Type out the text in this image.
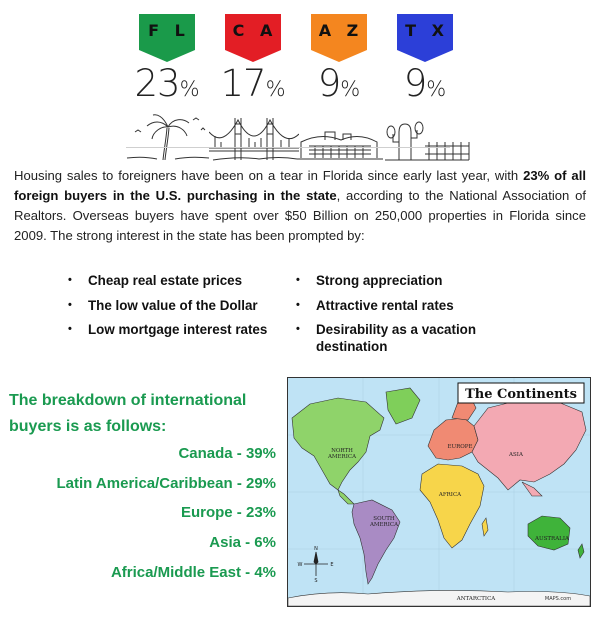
F L
23%
C A
17%
A Z
9%
T X
9%

Housing sales to foreigners have been on a tear in Florida since early last year, with 23% of all foreign buyers in the U.S. purchasing in the state, according to the National Association of Realtors. Overseas buyers have spent over $50 Billion on 250,000 properties in Florida since 2009. The strong interest in the state has been prompted by:

• Cheap real estate prices
• The low value of the Dollar
• Low mortgage interest rates
• Strong appreciation
• Attractive rental rates
• Desirability as a vacation destination
The breakdown of international buyers is as follows:
Canada - 39%
Latin America/Caribbean - 29%
Europe - 23%
Asia - 6%
Africa/Middle East - 4%
The Continents
NORTH AMERICA
SOUTH AMERICA
EUROPE
ASIA
AFRICA
AUSTRALIA
ANTARCTICA	MAPS.com
N
S
E
W
